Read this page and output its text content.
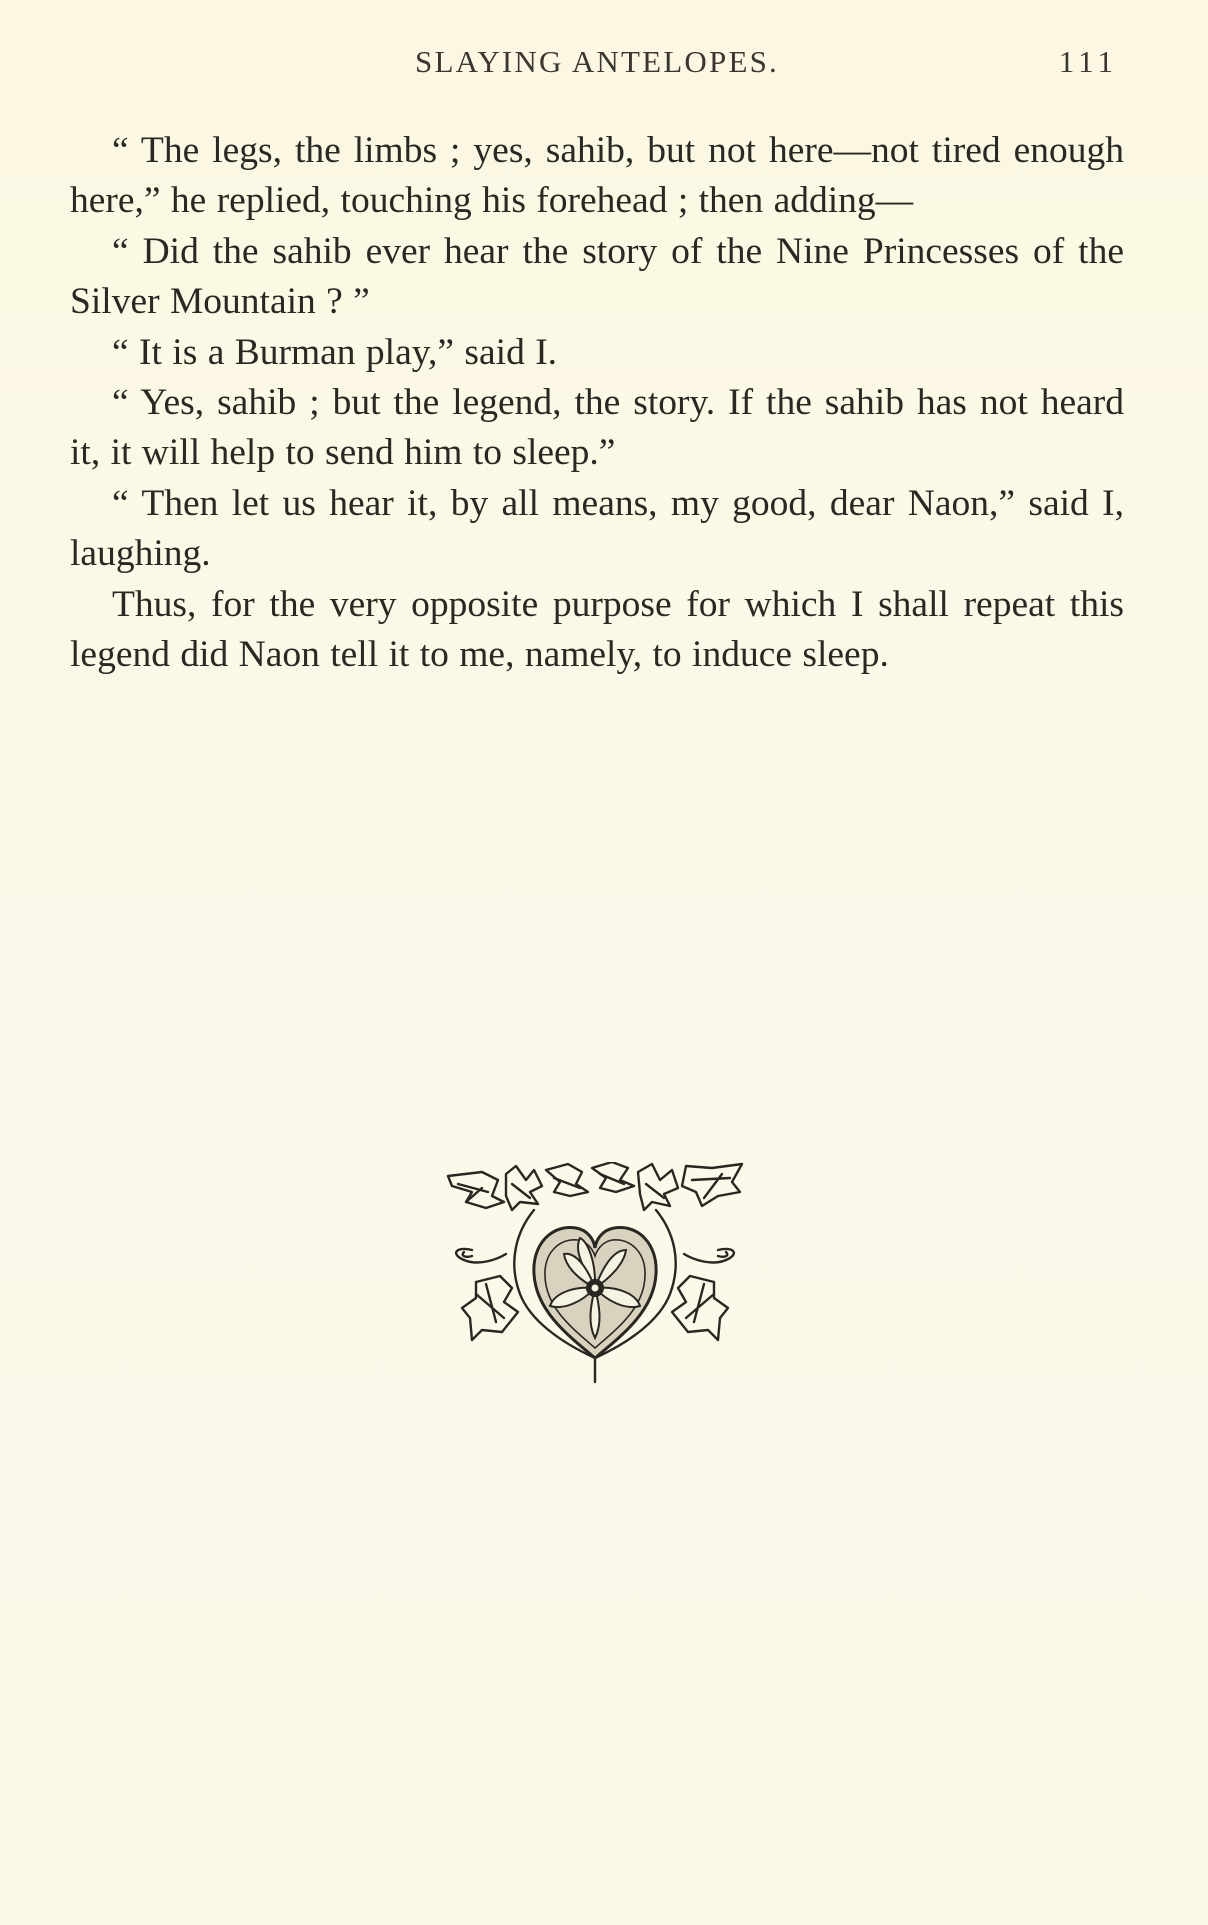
SLAYING ANTELOPES.	111

“ The legs, the limbs ; yes, sahib, but not here—not tired enough here,” he replied, touching his forehead ; then adding—

“ Did the sahib ever hear the story of the Nine Princesses of the Silver Mountain ? ”

“ It is a Burman play,” said I.

“ Yes, sahib ; but the legend, the story. If the sahib has not heard it, it will help to send him to sleep.”

“ Then let us hear it, by all means, my good, dear Naon,” said I, laughing.

Thus, for the very opposite purpose for which I shall repeat this legend did Naon tell it to me, namely, to induce sleep.
